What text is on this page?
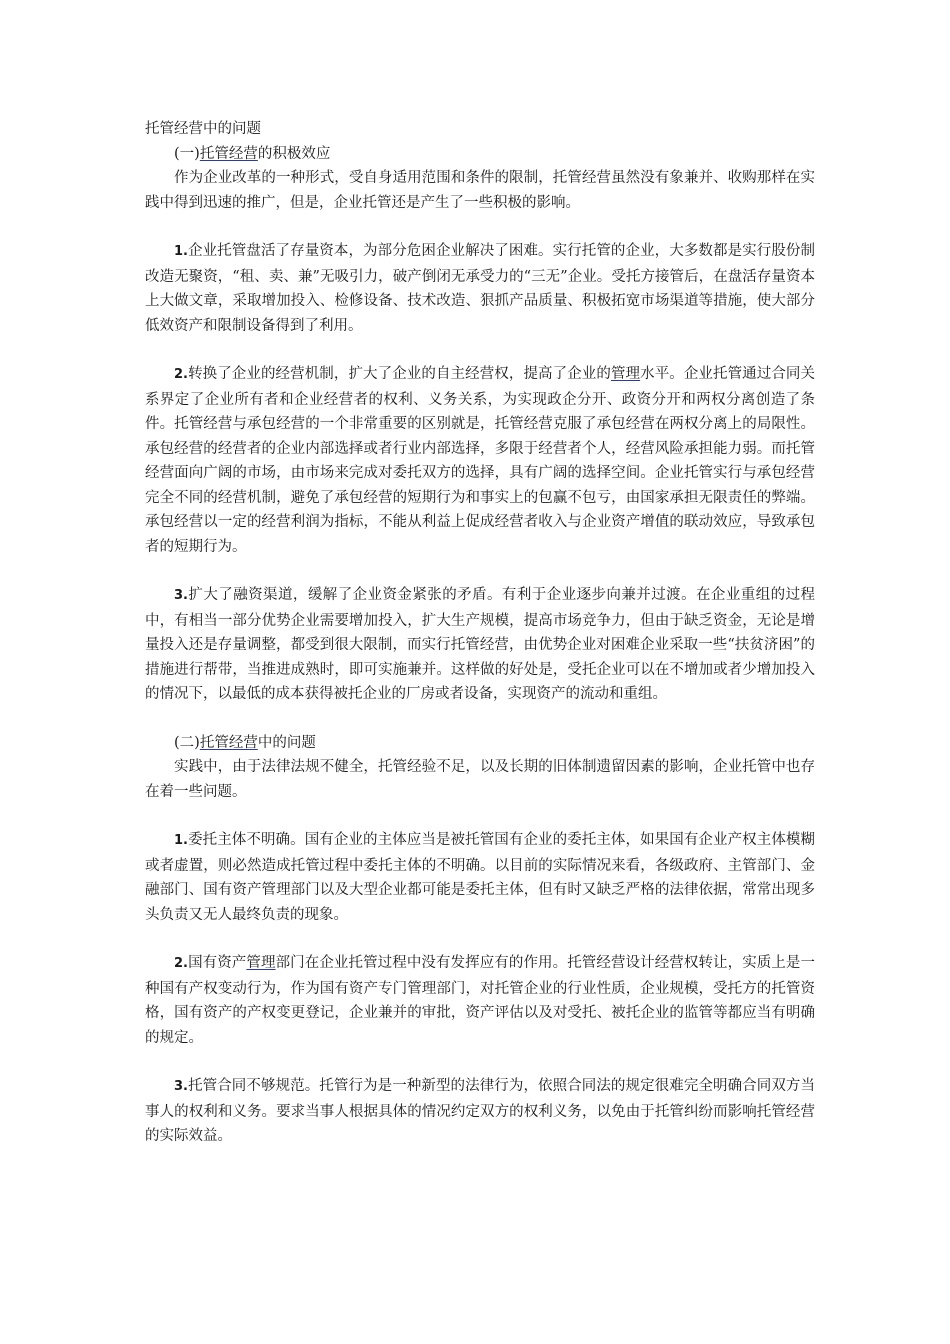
托管经营中的问题

(一)托管经营的积极效应

作为企业改革的一种形式，受自身适用范围和条件的限制，托管经营虽然没有象兼并、收购那样在实践中得到迅速的推广，但是，企业托管还是产生了一些积极的影响。

1.企业托管盘活了存量资本，为部分危困企业解决了困难。实行托管的企业，大多数都是实行股份制改造无聚资，“租、卖、兼”无吸引力，破产倒闭无承受力的“三无”企业。受托方接管后，在盘活存量资本上大做文章，采取增加投入、检修设备、技术改造、狠抓产品质量、积极拓宽市场渠道等措施，使大部分低效资产和限制设备得到了利用。

2.转换了企业的经营机制，扩大了企业的自主经营权，提高了企业的管理水平。企业托管通过合同关系界定了企业所有者和企业经营者的权利、义务关系，为实现政企分开、政资分开和两权分离创造了条件。托管经营与承包经营的一个非常重要的区别就是，托管经营克服了承包经营在两权分离上的局限性。承包经营的经营者的企业内部选择或者行业内部选择，多限于经营者个人，经营风险承担能力弱。而托管经营面向广阔的市场，由市场来完成对委托双方的选择，具有广阔的选择空间。企业托管实行与承包经营完全不同的经营机制，避免了承包经营的短期行为和事实上的包赢不包亏，由国家承担无限责任的弊端。承包经营以一定的经营利润为指标，不能从利益上促成经营者收入与企业资产增值的联动效应，导致承包者的短期行为。

3.扩大了融资渠道，缓解了企业资金紧张的矛盾。有利于企业逐步向兼并过渡。在企业重组的过程中，有相当一部分优势企业需要增加投入，扩大生产规模，提高市场竞争力，但由于缺乏资金，无论是增量投入还是存量调整，都受到很大限制，而实行托管经营，由优势企业对困难企业采取一些“扶贫济困”的措施进行帮带，当推进成熟时，即可实施兼并。这样做的好处是，受托企业可以在不增加或者少增加投入的情况下，以最低的成本获得被托企业的厂房或者设备，实现资产的流动和重组。

(二)托管经营中的问题

实践中，由于法律法规不健全，托管经验不足，以及长期的旧体制遗留因素的影响，企业托管中也存在着一些问题。

1.委托主体不明确。国有企业的主体应当是被托管国有企业的委托主体，如果国有企业产权主体模糊或者虚置，则必然造成托管过程中委托主体的不明确。以目前的实际情况来看，各级政府、主管部门、金融部门、国有资产管理部门以及大型企业都可能是委托主体，但有时又缺乏严格的法律依据，常常出现多头负责又无人最终负责的现象。

2.国有资产管理部门在企业托管过程中没有发挥应有的作用。托管经营设计经营权转让，实质上是一种国有产权变动行为，作为国有资产专门管理部门，对托管企业的行业性质，企业规模，受托方的托管资格，国有资产的产权变更登记，企业兼并的审批，资产评估以及对受托、被托企业的监管等都应当有明确的规定。

3.托管合同不够规范。托管行为是一种新型的法律行为，依照合同法的规定很难完全明确合同双方当事人的权利和义务。要求当事人根据具体的情况约定双方的权利义务，以免由于托管纠纷而影响托管经营的实际效益。
